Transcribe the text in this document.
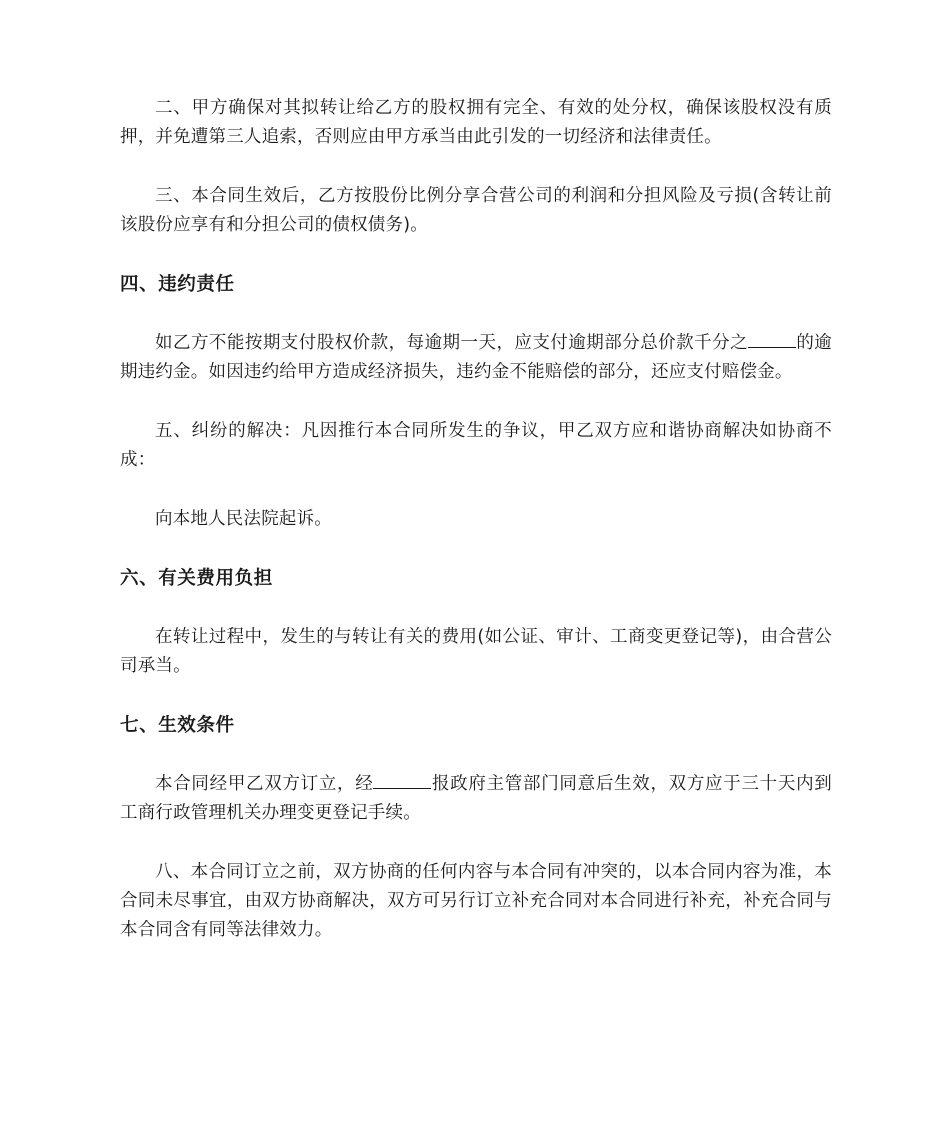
二、甲方确保对其拟转让给乙方的股权拥有完全、有效的处分权，确保该股权没有质押，并免遭第三人追索，否则应由甲方承当由此引发的一切经济和法律责任。

三、本合同生效后，乙方按股份比例分享合营公司的利润和分担风险及亏损(含转让前该股份应享有和分担公司的债权债务)。

四、违约责任

如乙方不能按期支付股权价款，每逾期一天，应支付逾期部分总价款千分之	的逾期违约金。如因违约给甲方造成经济损失，违约金不能赔偿的部分，还应支付赔偿金。

五、纠纷的解决：凡因推行本合同所发生的争议，甲乙双方应和谐协商解决如协商不成：

向本地人民法院起诉。

六、有关费用负担

在转让过程中，发生的与转让有关的费用(如公证、审计、工商变更登记等)，由合营公司承当。

七、生效条件

本合同经甲乙双方订立，经	报政府主管部门同意后生效，双方应于三十天内到工商行政管理机关办理变更登记手续。

八、本合同订立之前，双方协商的任何内容与本合同有冲突的，以本合同内容为准，本合同未尽事宜，由双方协商解决，双方可另行订立补充合同对本合同进行补充，补充合同与本合同含有同等法律效力。
